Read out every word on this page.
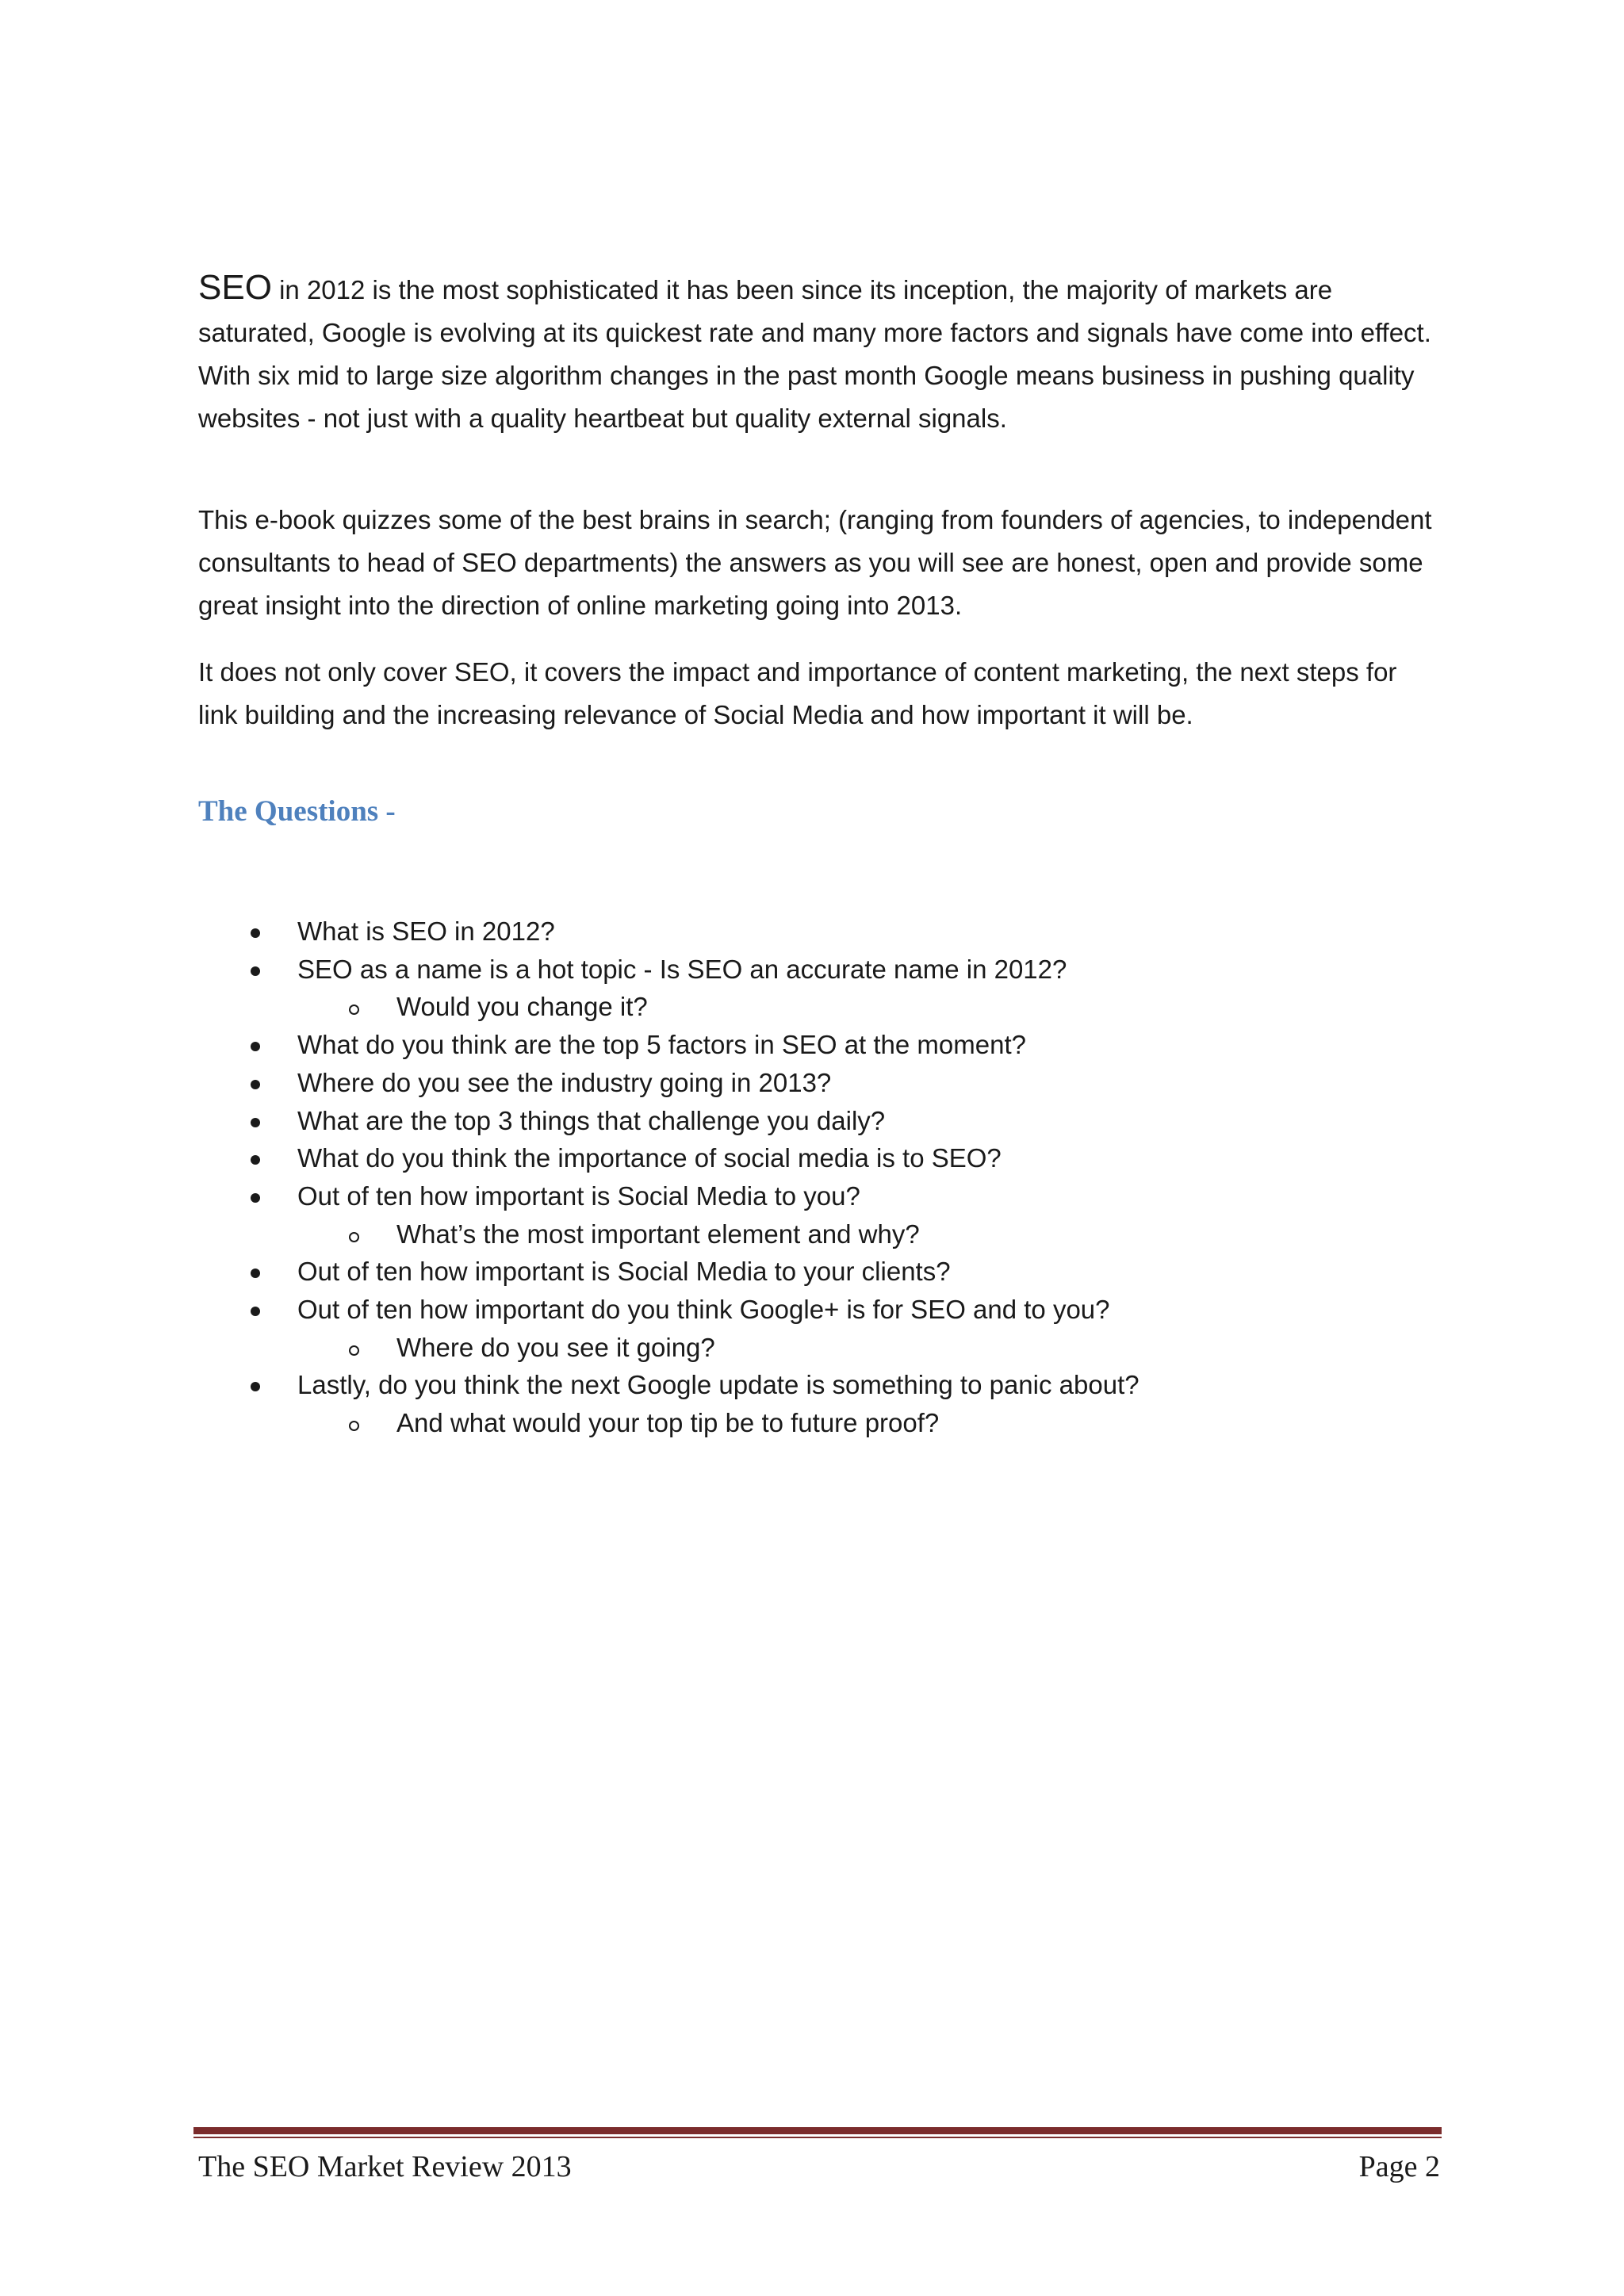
SEO in 2012 is the most sophisticated it has been since its inception, the majority of markets are saturated, Google is evolving at its quickest rate and many more factors and signals have come into effect. With six mid to large size algorithm changes in the past month Google means business in pushing quality websites - not just with a quality heartbeat but quality external signals.

This e-book quizzes some of the best brains in search; (ranging from founders of agencies, to independent consultants to head of SEO departments) the answers as you will see are honest, open and provide some great insight into the direction of online marketing going into 2013.

It does not only cover SEO, it covers the impact and importance of content marketing, the next steps for link building and the increasing relevance of Social Media and how important it will be.

The Questions -
What is SEO in 2012?
SEO as a name is a hot topic - Is SEO an accurate name in 2012?
Would you change it?
What do you think are the top 5 factors in SEO at the moment?
Where do you see the industry going in 2013?
What are the top 3 things that challenge you daily?
What do you think the importance of social media is to SEO?
Out of ten how important is Social Media to you?
What’s the most important element and why?
Out of ten how important is Social Media to your clients?
Out of ten how important do you think Google+ is for SEO and to you?
Where do you see it going?
Lastly, do you think the next Google update is something to panic about?
And what would your top tip be to future proof?
The SEO Market Review 2013	Page 2
